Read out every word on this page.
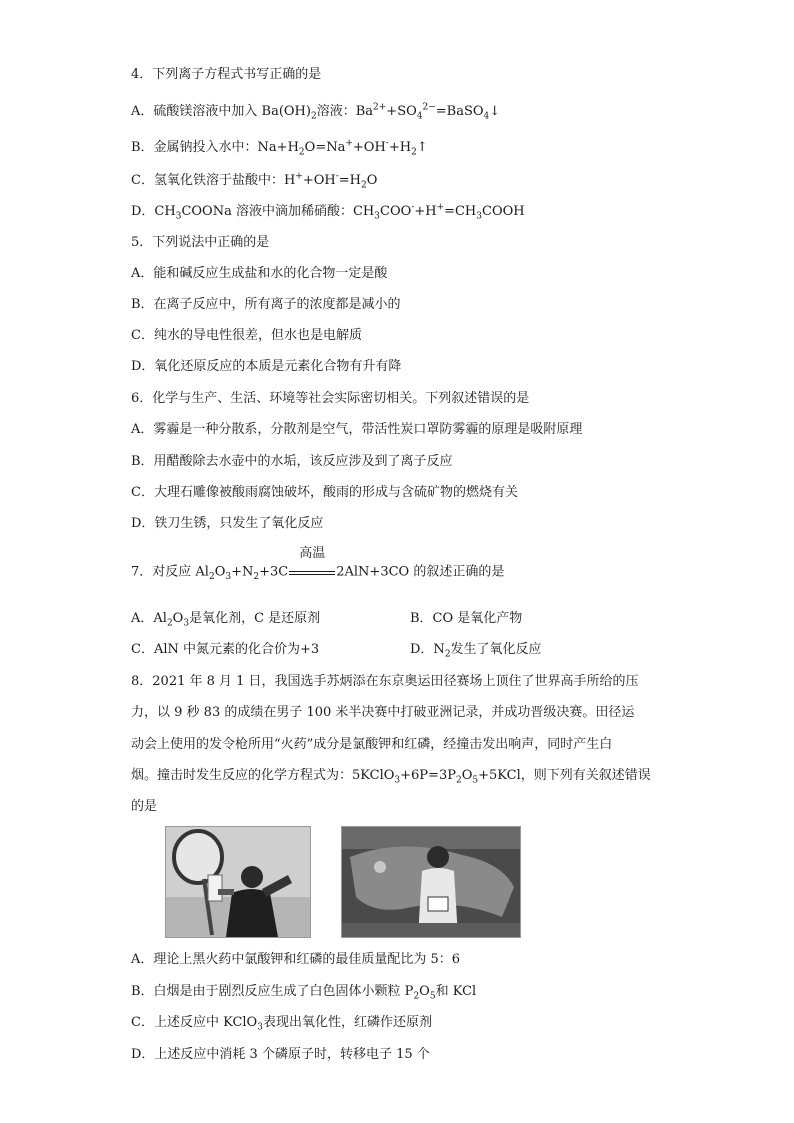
4．下列离子方程式书写正确的是
A．硫酸镁溶液中加入 $Ba(OH)_2$溶液：$Ba^{2+}+SO_4^{2-}=BaSO_4↓$
B．金属钠投入水中：$Na+H_2O=Na^++OH^-+H_2↑$
C．氢氧化铁溶于盐酸中：$H^++OH^-=H_2O$
D．$CH_3COONa$ 溶液中滴加稀硝酸：$CH_3COO^-+H^+=CH_3COOH$
5．下列说法中正确的是
A．能和碱反应生成盐和水的化合物一定是酸
B．在离子反应中，所有离子的浓度都是减小的
C．纯水的导电性很差，但水也是电解质
D．氧化还原反应的本质是元素化合物有升有降
6．化学与生产、生活、环境等社会实际密切相关。下列叙述错误的是
A．雾霾是一种分散系，分散剂是空气，带活性炭口罩防雾霾的原理是吸附原理
B．用醋酸除去水壶中的水垢，该反应涉及到了离子反应
C．大理石雕像被酸雨腐蚀破坏，酸雨的形成与含硫矿物的燃烧有关
D．铁刀生锈，只发生了氧化反应
7．对反应 $Al_2O_3+N_2+3C$
高温
2AlN+3CO 的叙述正确的是
A．$Al_2O_3$是氧化剂，C 是还原剂	B．CO 是氧化产物
C．AlN 中氮元素的化合价为+3	D．$N_2$发生了氧化反应
8．2021 年 8 月 1 日，我国选手苏炳添在东京奥运田径赛场上顶住了世界高手所给的压
力，以 9 秒 83 的成绩在男子 100 米半决赛中打破亚洲记录，并成功晋级决赛。田径运
动会上使用的发令枪所用“火药”成分是氯酸钾和红磷，经撞击发出响声，同时产生白
烟。撞击时发生反应的化学方程式为：$5KClO_3+6P=3P_2O_5+5KCl$，则下列有关叙述错误
的是
A．理论上黑火药中氯酸钾和红磷的最佳质量配比为 5：6
B．白烟是由于剧烈反应生成了白色固体小颗粒 $P_2O_5$和 KCl
C．上述反应中 KClO$_3$表现出氧化性，红磷作还原剂
D．上述反应中消耗 3 个磷原子时，转移电子 15 个
